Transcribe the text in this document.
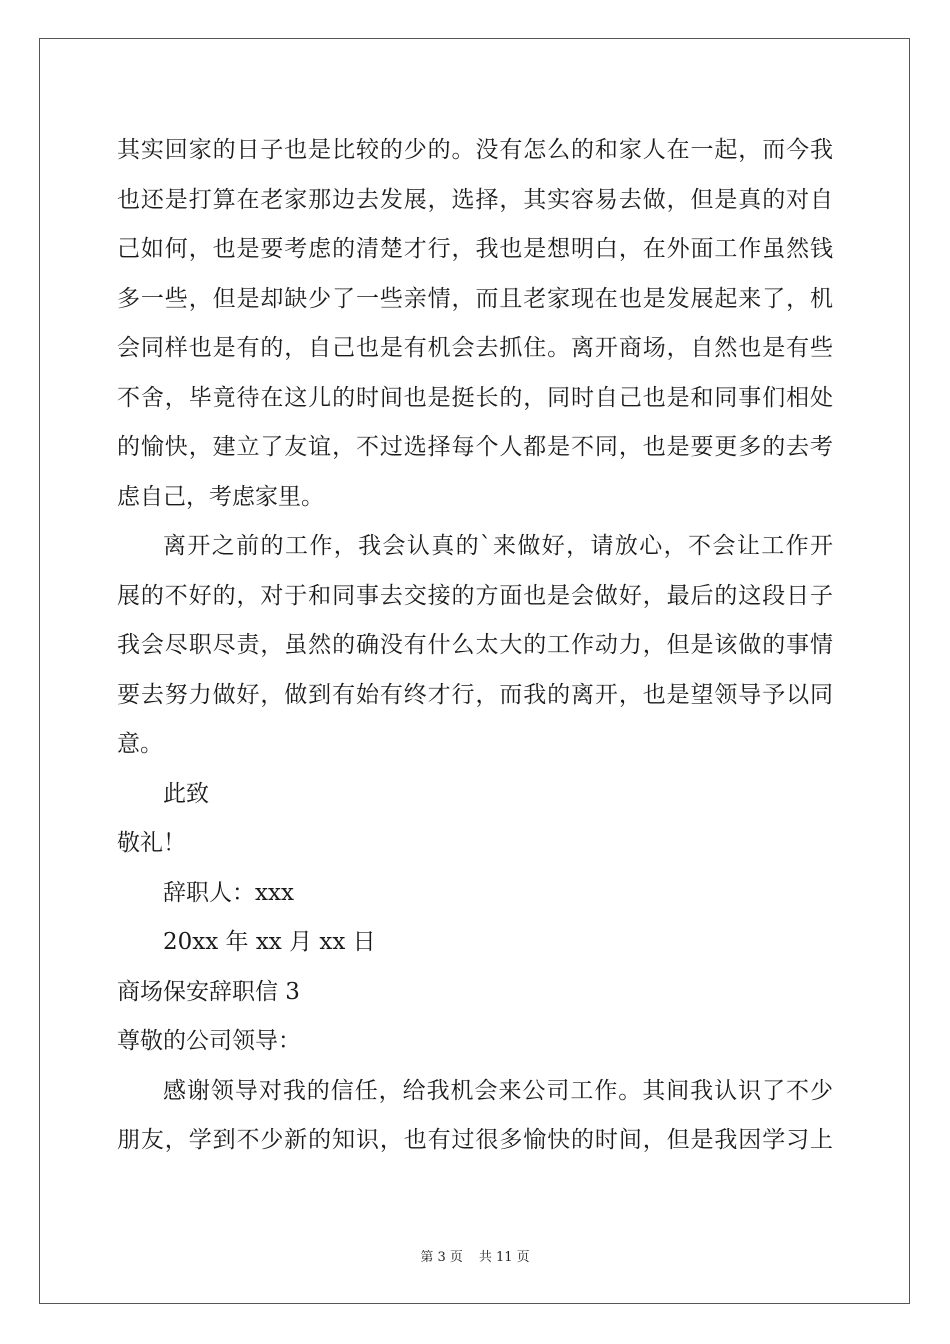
其实回家的日子也是比较的少的。没有怎么的和家人在一起，而今我
也还是打算在老家那边去发展，选择，其实容易去做，但是真的对自
己如何，也是要考虑的清楚才行，我也是想明白，在外面工作虽然钱
多一些，但是却缺少了一些亲情，而且老家现在也是发展起来了，机
会同样也是有的，自己也是有机会去抓住。离开商场，自然也是有些
不舍，毕竟待在这儿的时间也是挺长的，同时自己也是和同事们相处
的愉快，建立了友谊，不过选择每个人都是不同，也是要更多的去考
虑自己，考虑家里。
离开之前的工作，我会认真的`来做好，请放心，不会让工作开
展的不好的，对于和同事去交接的方面也是会做好，最后的这段日子
我会尽职尽责，虽然的确没有什么太大的工作动力，但是该做的事情
要去努力做好，做到有始有终才行，而我的离开，也是望领导予以同
意。
此致
敬礼！
辞职人：xxx
20xx 年 xx 月 xx 日
商场保安辞职信 3
尊敬的公司领导：
感谢领导对我的信任，给我机会来公司工作。其间我认识了不少
朋友，学到不少新的知识，也有过很多愉快的时间，但是我因学习上
第 3 页 共 11 页
